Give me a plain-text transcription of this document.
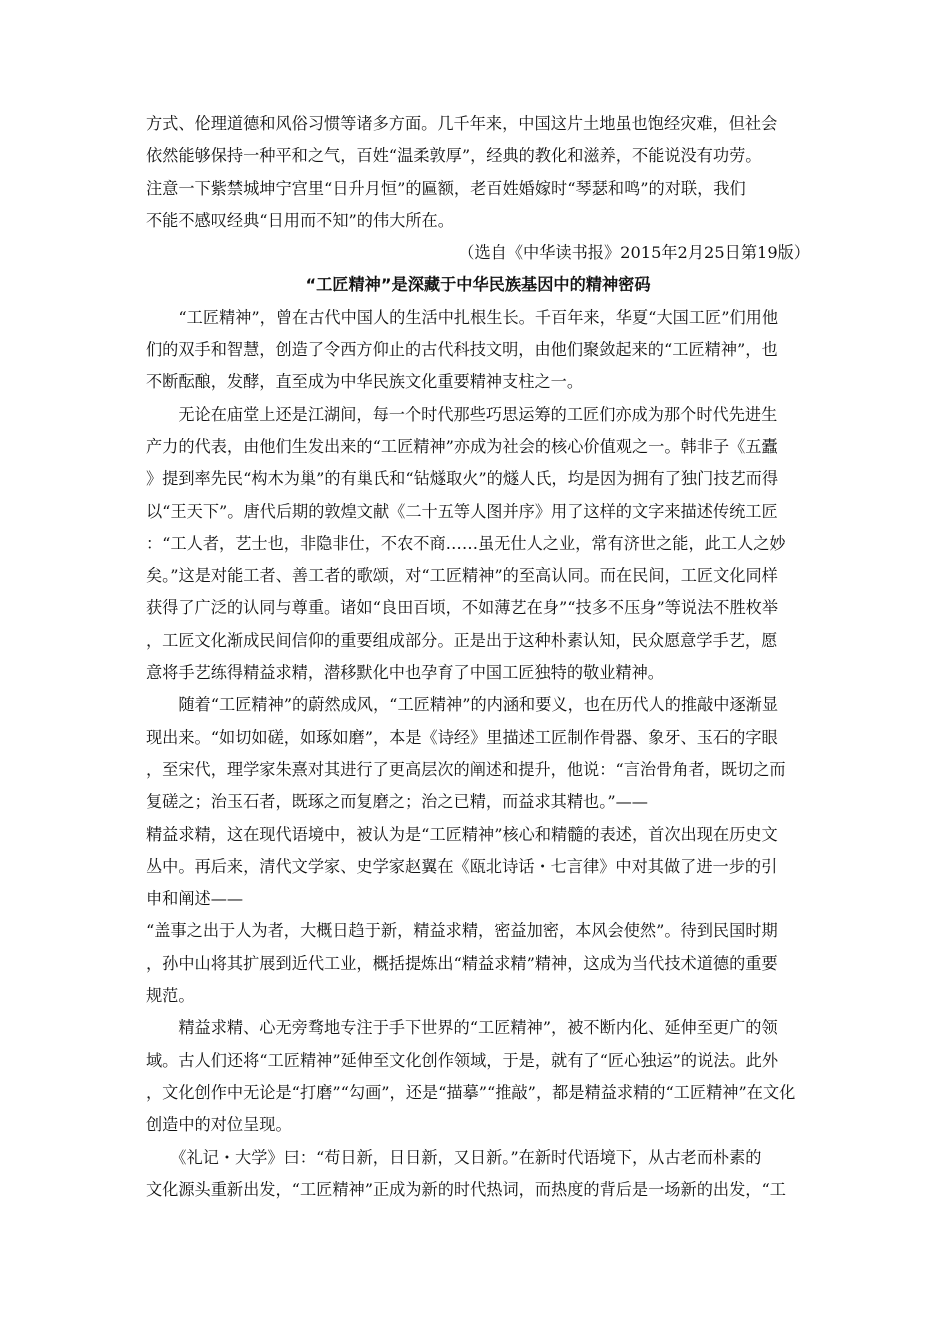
方式、伦理道德和风俗习惯等诸多方面。几千年来，中国这片土地虽也饱经灾难，但社会

依然能够保持一种平和之气，百姓“温柔敦厚”，经典的教化和滋养，不能说没有功劳。

注意一下紫禁城坤宁宫里“日升月恒”的匾额，老百姓婚嫁时“琴瑟和鸣”的对联，我们

不能不感叹经典“日用而不知”的伟大所在。

（选自《中华读书报》2015年2月25日第19版）

“工匠精神”是深藏于中华民族基因中的精神密码

　　“工匠精神”，曾在古代中国人的生活中扎根生长。千百年来，华夏“大国工匠”们用他

们的双手和智慧，创造了令西方仰止的古代科技文明，由他们聚敛起来的“工匠精神”，也

不断酝酿，发酵，直至成为中华民族文化重要精神支柱之一。

　　无论在庙堂上还是江湖间，每一个时代那些巧思运筹的工匠们亦成为那个时代先进生

产力的代表，由他们生发出来的“工匠精神”亦成为社会的核心价值观之一。韩非子《五蠹

》提到率先民“构木为巢”的有巢氏和“钻燧取火”的燧人氏，均是因为拥有了独门技艺而得

以“王天下”。唐代后期的敦煌文献《二十五等人图并序》用了这样的文字来描述传统工匠

：“工人者，艺士也，非隐非仕，不农不商……虽无仕人之业，常有济世之能，此工人之妙

矣。”这是对能工者、善工者的歌颂，对“工匠精神”的至高认同。而在民间，工匠文化同样

获得了广泛的认同与尊重。诸如“良田百顷，不如薄艺在身”“技多不压身”等说法不胜枚举

，工匠文化渐成民间信仰的重要组成部分。正是出于这种朴素认知，民众愿意学手艺，愿

意将手艺练得精益求精，潜移默化中也孕育了中国工匠独特的敬业精神。

　　随着“工匠精神”的蔚然成风，“工匠精神”的内涵和要义，也在历代人的推敲中逐渐显

现出来。“如切如磋，如琢如磨”，本是《诗经》里描述工匠制作骨器、象牙、玉石的字眼

，至宋代，理学家朱熹对其进行了更高层次的阐述和提升，他说：“言治骨角者，既切之而

复磋之；治玉石者，既琢之而复磨之；治之已精，而益求其精也。”——

精益求精，这在现代语境中，被认为是“工匠精神”核心和精髓的表述，首次出现在历史文

丛中。再后来，清代文学家、史学家赵翼在《瓯北诗话・七言律》中对其做了进一步的引

申和阐述——

“盖事之出于人为者，大概日趋于新，精益求精，密益加密，本风会使然”。待到民国时期

，孙中山将其扩展到近代工业，概括提炼出“精益求精”精神，这成为当代技术道德的重要

规范。

　　精益求精、心无旁骛地专注于手下世界的“工匠精神”，被不断内化、延伸至更广的领

域。古人们还将“工匠精神”延伸至文化创作领域，于是，就有了“匠心独运”的说法。此外

，文化创作中无论是“打磨”“勾画”，还是“描摹”“推敲”，都是精益求精的“工匠精神”在文化

创造中的对位呈现。

　　《礼记・大学》曰：“苟日新，日日新，又日新。”在新时代语境下，从古老而朴素的

文化源头重新出发，“工匠精神”正成为新的时代热词，而热度的背后是一场新的出发，“工
